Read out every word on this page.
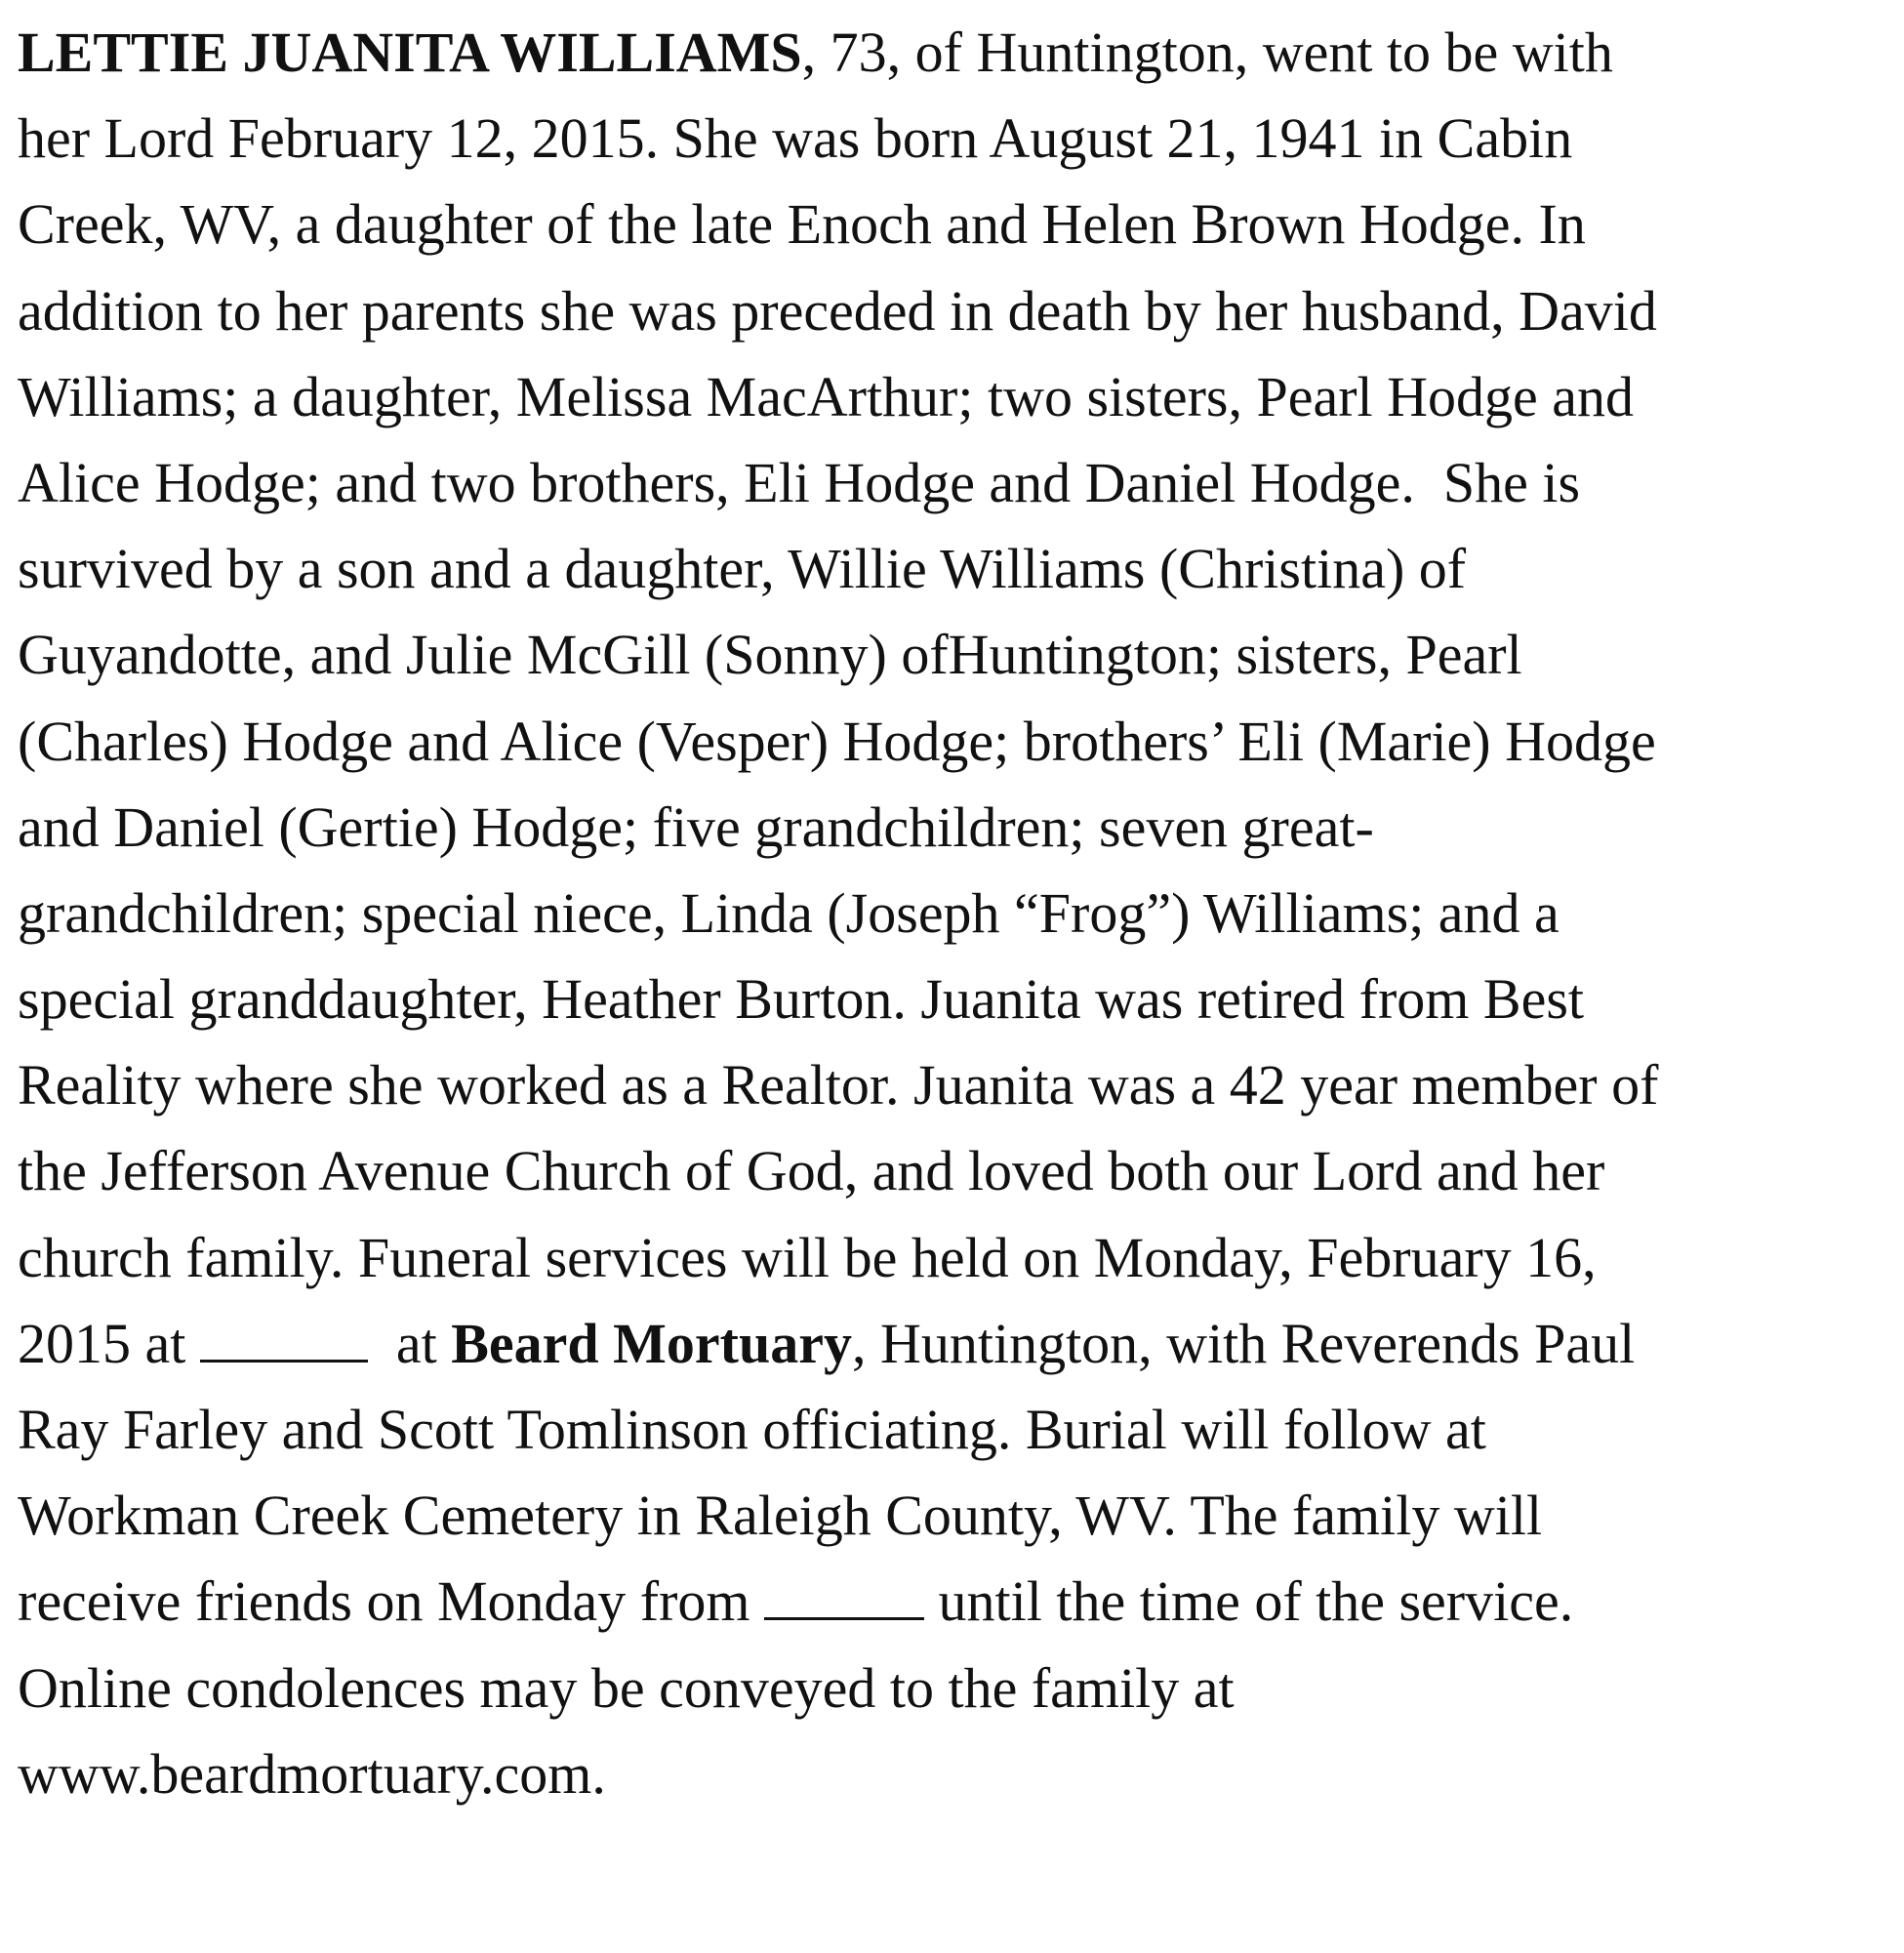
LETTIE JUANITA WILLIAMS, 73, of Huntington, went to be with
her Lord February 12, 2015. She was born August 21, 1941 in Cabin
Creek, WV, a daughter of the late Enoch and Helen Brown Hodge. In
addition to her parents she was preceded in death by her husband, David
Williams; a daughter, Melissa MacArthur; two sisters, Pearl Hodge and
Alice Hodge; and two brothers, Eli Hodge and Daniel Hodge.  She is
survived by a son and a daughter, Willie Williams (Christina) of
Guyandotte, and Julie McGill (Sonny) ofHuntington; sisters, Pearl
(Charles) Hodge and Alice (Vesper) Hodge; brothers’ Eli (Marie) Hodge
and Daniel (Gertie) Hodge; five grandchildren; seven great-
grandchildren; special niece, Linda (Joseph “Frog”) Williams; and a
special granddaughter, Heather Burton. Juanita was retired from Best
Reality where she worked as a Realtor. Juanita was a 42 year member of
the Jefferson Avenue Church of God, and loved both our Lord and her
church family. Funeral services will be held on Monday, February 16,
2015 at	at Beard Mortuary, Huntington, with Reverends Paul
Ray Farley and Scott Tomlinson officiating. Burial will follow at
Workman Creek Cemetery in Raleigh County, WV. The family will
receive friends on Monday from	until the time of the service.
Online condolences may be conveyed to the family at
www.beardmortuary.com.
